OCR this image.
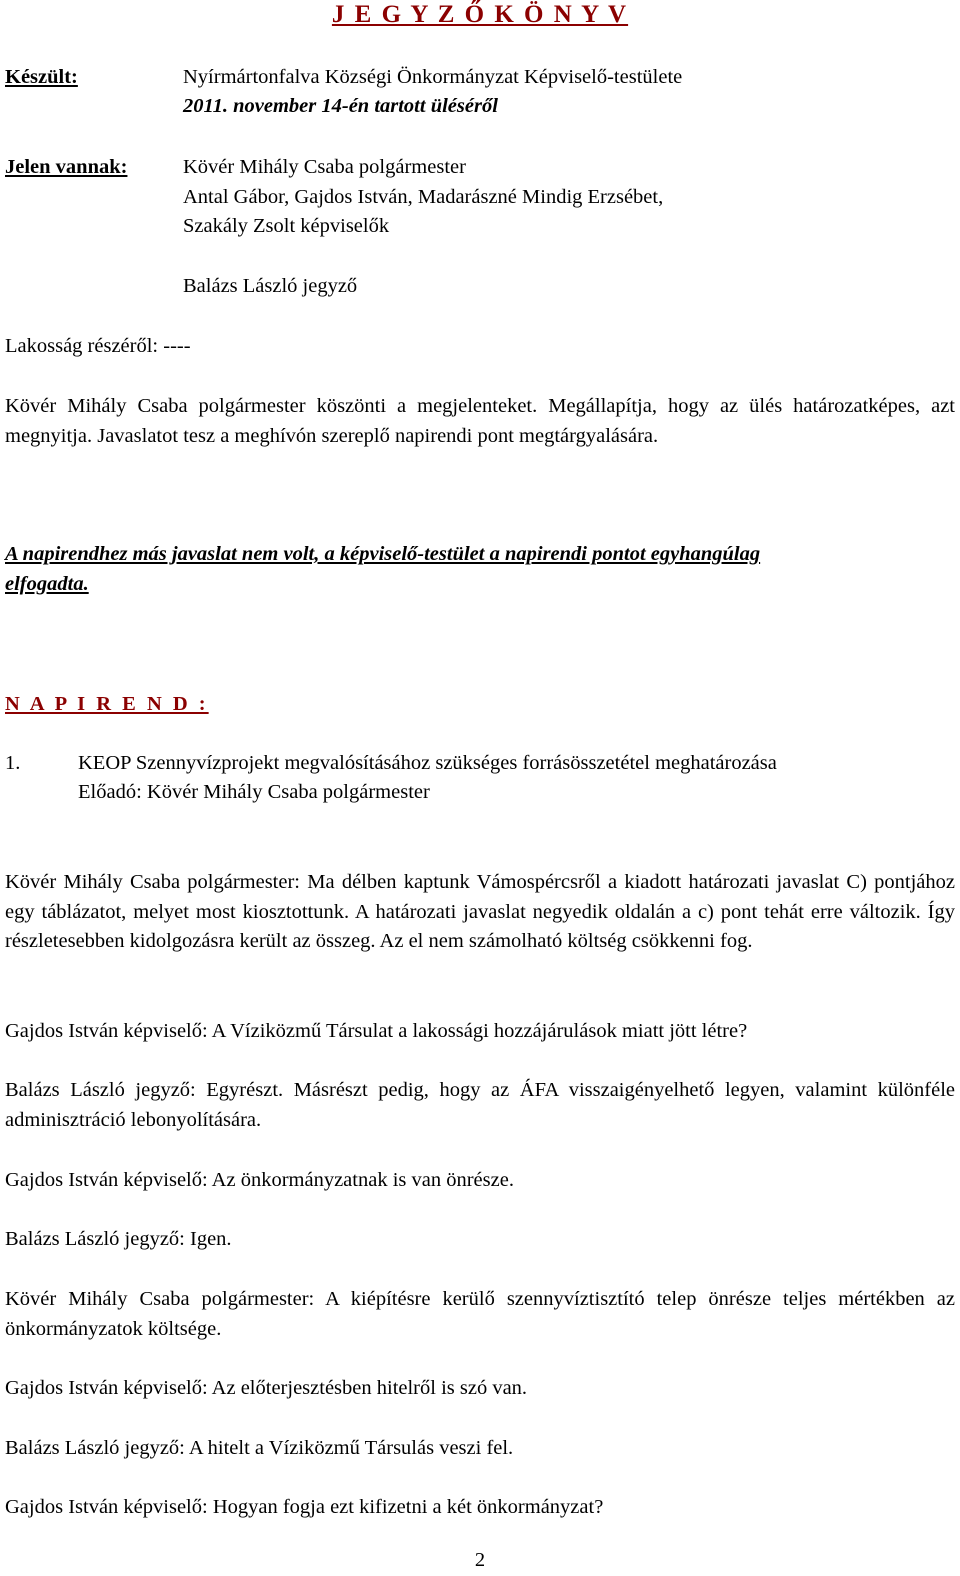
J E G Y Z Ő K Ö N Y V
Készült:	Nyírmártonfalva Községi Önkormányzat Képviselő-testülete
2011. november 14-én tartott üléséről
Jelen vannak:	Kövér Mihály Csaba polgármester
Antal Gábor, Gajdos István, Madarászné Mindig Erzsébet,
Szakály Zsolt képviselők
Balázs László jegyző
Lakosság részéről: ----
Kövér Mihály Csaba polgármester köszönti a megjelenteket. Megállapítja, hogy az ülés határozatképes, azt megnyitja. Javaslatot tesz a meghívón szereplő napirendi pont megtárgyalására.
A napirendhez más javaslat nem volt, a képviselő-testület a napirendi pontot egyhangúlag elfogadta.
N A P I R E N D :
1.	KEOP Szennyvízprojekt megvalósításához szükséges forrásösszetétel meghatározása
Előadó: Kövér Mihály Csaba polgármester
Kövér Mihály Csaba polgármester: Ma délben kaptunk Vámospércsről a kiadott határozati javaslat C) pontjához egy táblázatot, melyet most kiosztottunk. A határozati javaslat negyedik oldalán a c) pont tehát erre változik. Így részletesebben kidolgozásra került az összeg. Az el nem számolható költség csökkenni fog.
Gajdos István képviselő: A Víziközmű Társulat a lakossági hozzájárulások miatt jött létre?
Balázs László jegyző: Egyrészt. Másrészt pedig, hogy az ÁFA visszaigényelhető legyen, valamint különféle adminisztráció lebonyolítására.
Gajdos István képviselő: Az önkormányzatnak is van önrésze.
Balázs László jegyző: Igen.
Kövér Mihály Csaba polgármester: A kiépítésre kerülő szennyvíztisztító telep önrésze teljes mértékben az önkormányzatok költsége.
Gajdos István képviselő: Az előterjesztésben hitelről is szó van.
Balázs László jegyző: A hitelt a Víziközmű Társulás veszi fel.
Gajdos István képviselő: Hogyan fogja ezt kifizetni a két önkormányzat?
2
